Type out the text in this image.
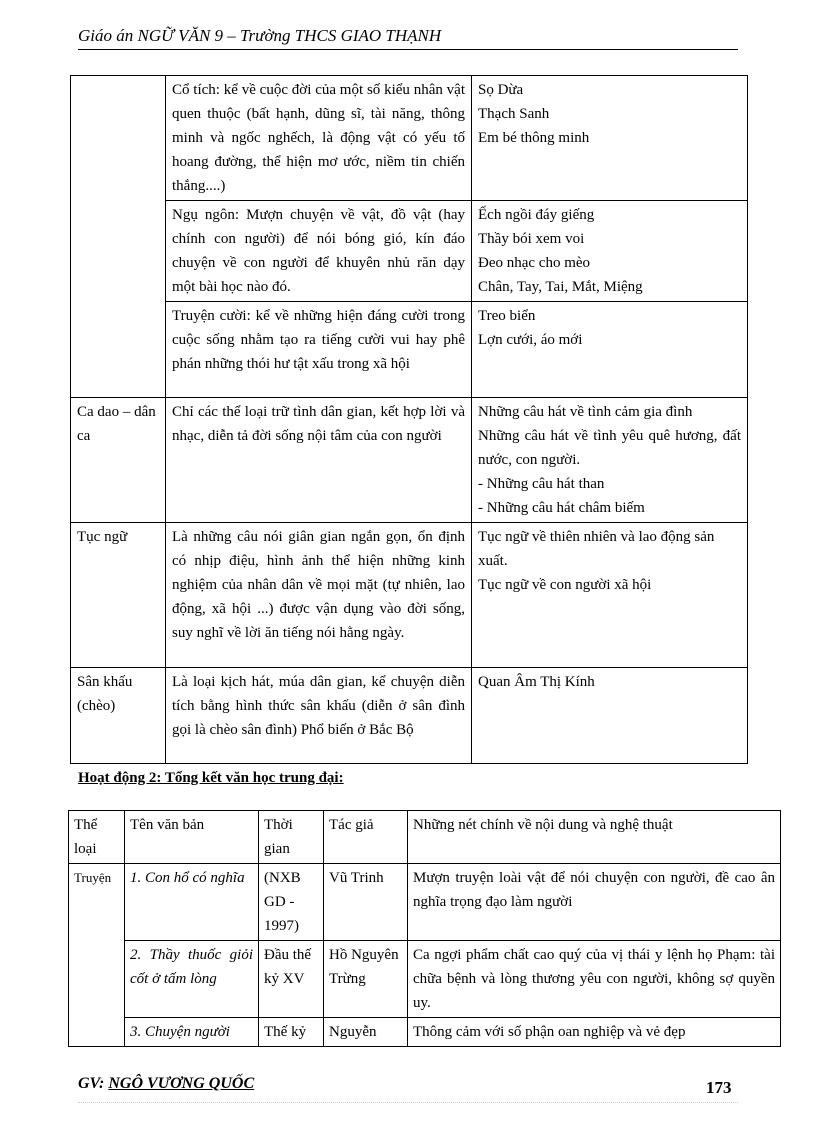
Giáo án NGỮ VĂN 9 – Trường THCS GIAO THẠNH
	Cổ tích: kể về cuộc đời của một số kiểu nhân vật quen thuộc (bất hạnh, dũng sĩ, tài năng, thông minh và ngốc nghếch, là động vật có yếu tố hoang đường, thể hiện mơ ước, niềm tin chiến thắng....)	Sọ Dừa
Thạch Sanh
Em bé thông minh

	Ngụ ngôn: Mượn chuyện về vật, đồ vật (hay chính con người) để nói bóng gió, kín đáo chuyện về con người để khuyên nhủ răn dạy một bài học nào đó.	Ếch ngồi đáy giếng
Thầy bói xem voi
Đeo nhạc cho mèo
Chân, Tay, Tai, Mắt, Miệng

	Truyện cười: kể về những hiện đáng cười trong cuộc sống nhằm tạo ra tiếng cười vui hay phê phán những thói hư tật xấu trong xã hội	Treo biển
Lợn cưới, áo mới

Ca dao – dân ca	Chỉ các thể loại trữ tình dân gian, kết hợp lời và nhạc, diễn tả đời sống nội tâm của con người	Những câu hát về tình cảm gia đình
Những câu hát về tình yêu quê hương, đất nước, con người.
- Những câu hát than
- Những câu hát châm biếm

Tục ngữ	Là những câu nói giân gian ngắn gọn, ổn định có nhịp điệu, hình ảnh thể hiện những kinh nghiệm của nhân dân về mọi mặt (tự nhiên, lao động, xã hội ...) được vận dụng vào đời sống, suy nghĩ về lời ăn tiếng nói hằng ngày.	Tục ngữ về thiên nhiên và lao động sản xuất.
Tục ngữ về con người xã hội

Sân khấu (chèo)	Là loại kịch hát, múa dân gian, kể chuyện diễn tích bằng hình thức sân khấu (diễn ở sân đình gọi là chèo sân đình) Phổ biến ở Bắc Bộ	Quan Âm Thị Kính
Hoạt động 2: Tổng kết văn học trung đại:
Thể loại	Tên văn bản	Thời gian	Tác giả	Những nét chính về nội dung và nghệ thuật
Truyện	1. Con hổ có nghĩa	(NXB GD - 1997)	Vũ Trinh	Mượn truyện loài vật để nói chuyện con người, đề cao ân nghĩa trọng đạo làm người
	2. Thầy thuốc giỏi cốt ở tấm lòng	Đầu thế kỷ XV	Hồ Nguyên Trừng	Ca ngợi phẩm chất cao quý của vị thái y lệnh họ Phạm: tài chữa bệnh và lòng thương yêu con người, không sợ quyền uy.
	3. Chuyện người	Thế kỷ	Nguyễn	Thông cảm với số phận oan nghiệp và vẻ đẹp
GV: NGÔ VƯƠNG QUỐC	173
